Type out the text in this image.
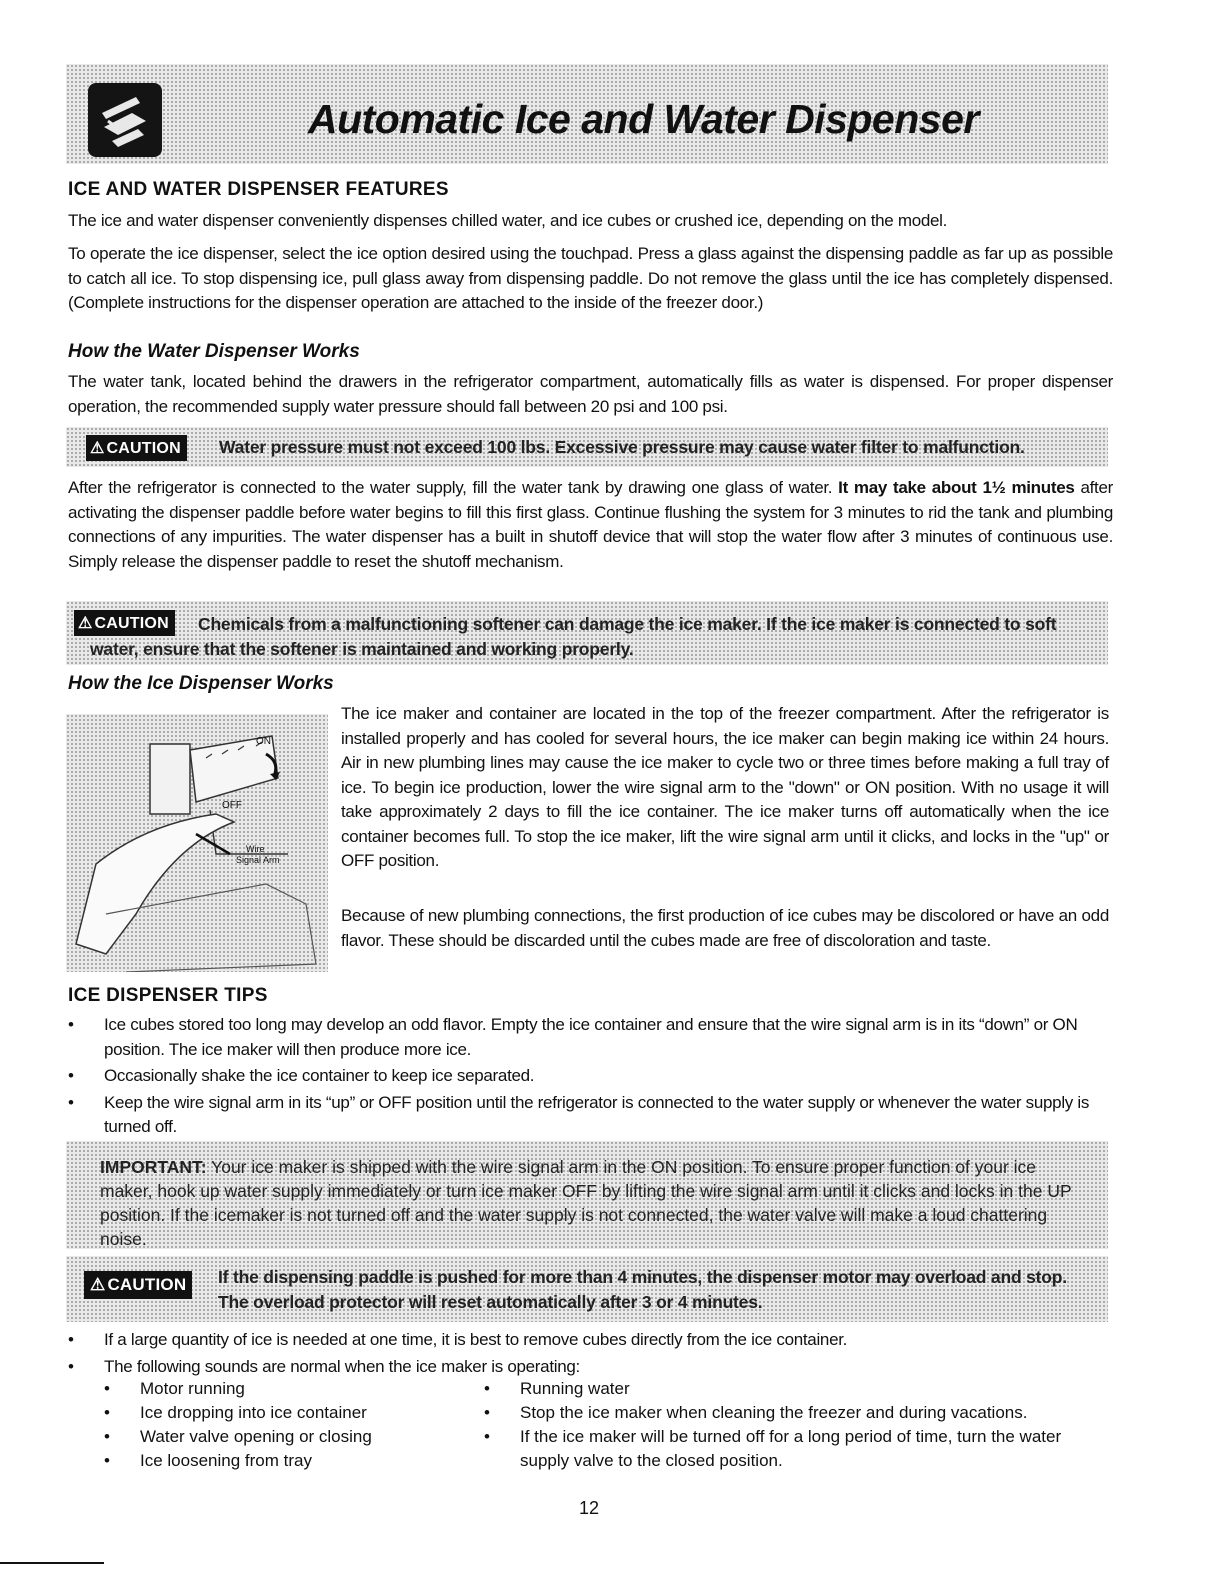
Automatic Ice and Water Dispenser
ICE AND WATER DISPENSER FEATURES
The ice and water dispenser conveniently dispenses chilled water, and ice cubes or crushed ice, depending on the model.
To operate the ice dispenser, select the ice option desired using the touchpad. Press a glass against the dispensing paddle as far up as possible to catch all ice. To stop dispensing ice, pull glass away from dispensing paddle. Do not remove the glass until the ice has completely dispensed. (Complete instructions for the dispenser operation are attached to the inside of the freezer door.)
How the Water Dispenser Works
The water tank, located behind the drawers in the refrigerator compartment, automatically fills as water is dispensed. For proper dispenser operation, the recommended supply water pressure should fall between 20 psi and 100 psi.
⚠ CAUTION	Water pressure must not exceed 100 lbs. Excessive pressure may cause water filter to malfunction.
After the refrigerator is connected to the water supply, fill the water tank by drawing one glass of water. It may take about 1½ minutes after activating the dispenser paddle before water begins to fill this first glass. Continue flushing the system for 3 minutes to rid the tank and plumbing connections of any impurities. The water dispenser has a built in shutoff device that will stop the water flow after 3 minutes of continuous use. Simply release the dispenser paddle to reset the shutoff mechanism.
⚠ CAUTION	Chemicals from a malfunctioning softener can damage the ice maker. If the ice maker is connected to soft water, ensure that the softener is maintained and working properly.
How the Ice Dispenser Works
ON
OFF
Wire
Signal Arm
The ice maker and container are located in the top of the freezer compartment. After the refrigerator is installed properly and has cooled for several hours, the ice maker can begin making ice within 24 hours. Air in new plumbing lines may cause the ice maker to cycle two or three times before making a full tray of ice. To begin ice production, lower the wire signal arm to the "down" or ON position. With no usage it will take approximately 2 days to fill the ice container. The ice maker turns off automatically when the ice container becomes full. To stop the ice maker, lift the wire signal arm until it clicks, and locks in the "up" or OFF position.
Because of new plumbing connections, the first production of ice cubes may be discolored or have an odd flavor. These should be discarded until the cubes made are free of discoloration and taste.
ICE DISPENSER TIPS
• Ice cubes stored too long may develop an odd flavor. Empty the ice container and ensure that the wire signal arm is in its “down” or ON position. The ice maker will then produce more ice.
• Occasionally shake the ice container to keep ice separated.
• Keep the wire signal arm in its “up” or OFF position until the refrigerator is connected to the water supply or whenever the water supply is turned off.
IMPORTANT: Your ice maker is shipped with the wire signal arm in the ON position. To ensure proper function of your ice maker, hook up water supply immediately or turn ice maker OFF by lifting the wire signal arm until it clicks and locks in the UP position. If the icemaker is not turned off and the water supply is not connected, the water valve will make a loud chattering noise.
⚠ CAUTION	If the dispensing paddle is pushed for more than 4 minutes, the dispenser motor may overload and stop. The overload protector will reset automatically after 3 or 4 minutes.
• If a large quantity of ice is needed at one time, it is best to remove cubes directly from the ice container.
• The following sounds are normal when the ice maker is operating:
• Motor running
• Ice dropping into ice container
• Water valve opening or closing
• Ice loosening from tray
• Running water
• Stop the ice maker when cleaning the freezer and during vacations.
• If the ice maker will be turned off for a long period of time, turn the water supply valve to the closed position.
12
